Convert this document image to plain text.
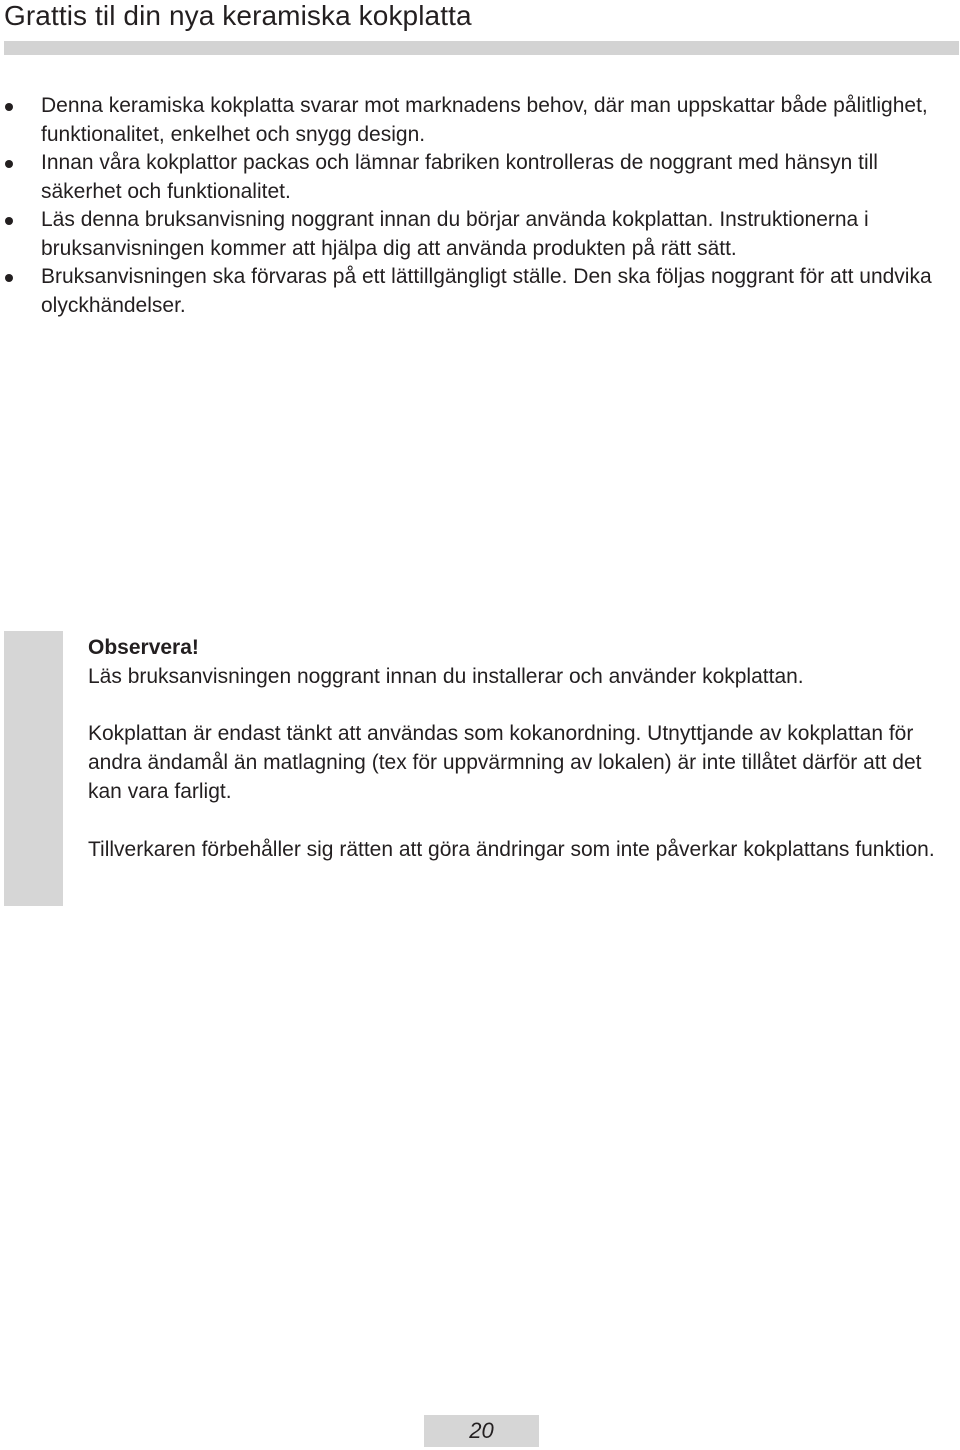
Grattis til din nya keramiska kokplatta
Denna keramiska kokplatta svarar mot marknadens behov, där man uppskattar både pålitlighet, funktionalitet, enkelhet och snygg design.
Innan våra kokplattor packas och lämnar fabriken kontrolleras de noggrant med hänsyn till säkerhet och funktionalitet.
Läs denna bruksanvisning noggrant innan du börjar använda kokplattan. Instruktionerna i bruksanvisningen kommer att hjälpa dig att använda produkten på rätt sätt.
Bruksanvisningen ska förvaras på ett lättillgängligt ställe. Den ska följas noggrant för att undvika olyckhändelser.

Observera!

Läs bruksanvisningen noggrant innan du installerar och använder kokplattan.

Kokplattan är endast tänkt att användas som kokanordning. Utnyttjande av kokplattan för andra ändamål än matlagning (tex för uppvärmning av lokalen) är inte tillåtet därför att det kan vara farligt.

Tillverkaren förbehåller sig rätten att göra ändringar som inte påverkar kokplattans funktion.

20
